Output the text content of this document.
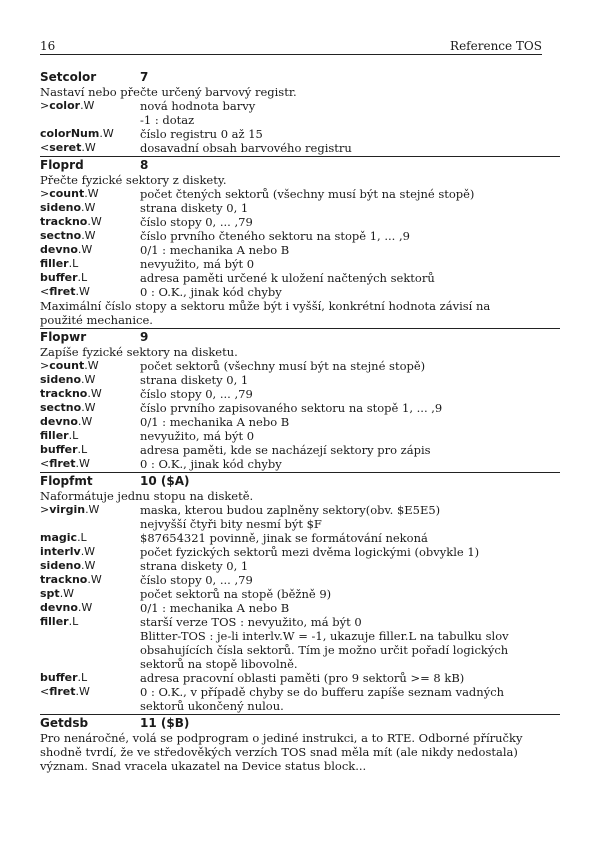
16	Reference TOS
Setcolor	7
Nastaví nebo přečte určený barvový registr.
>color.W	nová hodnota barvy
-1 : dotaz
colorNum.W číslo registru 0 až 15
<seret.W	dosavadní obsah barvového registru
Floprd	8
Přečte fyzické sektory z diskety.
>count.W	počet čtených sektorů (všechny musí být na stejné stopě)
sideno.W	strana diskety 0, 1
trackno.W	číslo stopy 0, ... ,79
sectno.W	číslo prvního čteného sektoru na stopě 1, ... ,9
devno.W	0/1 : mechanika A nebo B
filler.L	nevyužito, má být 0
buffer.L	adresa paměti určené k uložení načtených sektorů
<flret.W	0 : O.K., jinak kód chyby
Maximální číslo stopy a sektoru může být i vyšší, konkrétní hodnota závisí na
použité mechanice.
Flopwr	9
Zapíše fyzické sektory na disketu.
>count.W	počet sektorů (všechny musí být na stejné stopě)
sideno.W	strana diskety 0, 1
trackno.W	číslo stopy 0, ... ,79
sectno.W	číslo prvního zapisovaného sektoru na stopě 1, ... ,9
devno.W	0/1 : mechanika A nebo B
filler.L	nevyužito, má být 0
buffer.L	adresa paměti, kde se nacházejí sektory pro zápis
<flret.W	0 : O.K., jinak kód chyby
Flopfmt	10 ($A)
Naformátuje jednu stopu na disketě.
>virgin.W	maska, kterou budou zaplněny sektory(obv. $E5E5)
nejvyšší čtyři bity nesmí být $F
magic.L	$87654321 povinně, jinak se formátování nekoná
interlv.W	počet fyzických sektorů mezi dvěma logickými (obvykle 1)
sideno.W	strana diskety 0, 1
trackno.W	číslo stopy 0, ... ,79
spt.W	počet sektorů na stopě (běžně 9)
devno.W	0/1 : mechanika A nebo B
filler.L	starší verze TOS : nevyužito, má být 0
Blitter-TOS : je-li interlv.W = -1, ukazuje filler.L na tabulku slov
obsahujících čísla sektorů. Tím je možno určit pořadí logických
sektorů na stopě libovolně.
buffer.L	adresa pracovní oblasti paměti (pro 9 sektorů >= 8 kB)
<flret.W	0 : O.K., v případě chyby se do bufferu zapíše seznam vadných
sektorů ukončený nulou.
Getdsb	11 ($B)
Pro nenáročné, volá se podprogram o jediné instrukci, a to RTE. Odborné příručky
shodně tvrdí, že ve středověkých verzích TOS snad měla mít (ale nikdy nedostala)
význam. Snad vracela ukazatel na Device status block...
